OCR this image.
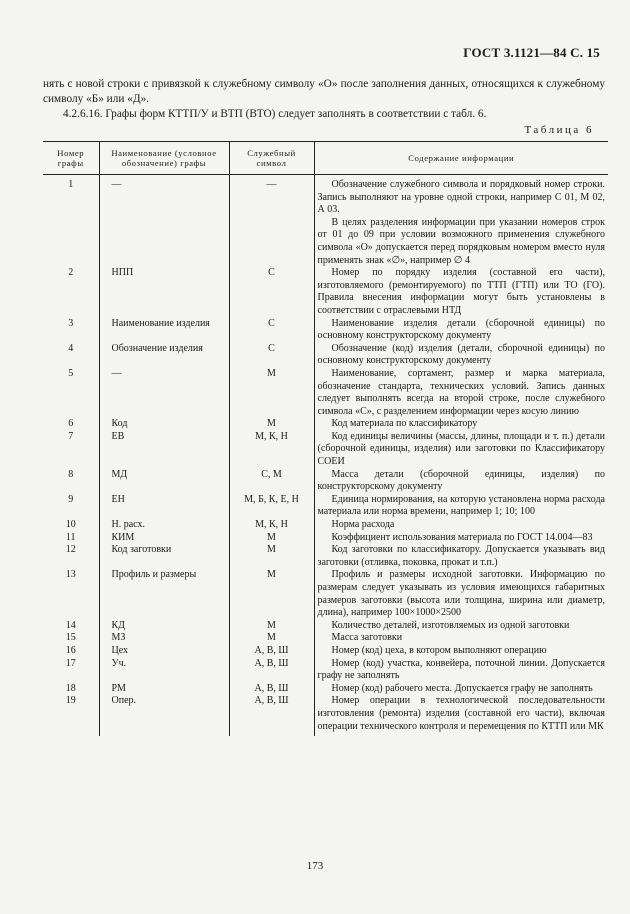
ГОСТ 3.1121—84 С. 15

нять с новой строки с привязкой к служебному символу «О» после заполнения данных, относящихся к служебному символу «Б» или «Д».

4.2.6.16. Графы форм КТТП/У и ВТП (ВТО) следует заполнять в соответствии с табл. 6.

Таблица 6
Номер графы	Наименование (условное обозначение) графы	Служебный символ	Содержание информации
1	—	—	Обозначение служебного символа и порядковый номер строки. Запись выполняют на уровне одной строки, например С 01, М 02, А 03.
В целях разделения информации при указании номеров строк от 01 до 09 при условии возможного применения служебного символа «О» допускается перед порядковым номером вместо нуля применять знак «∅», например ∅ 4

2	НПП	С	Номер по порядку изделия (составной его части), изготовляемого (ремонтируемого) по ТТП (ГТП) или ТО (ГО). Правила внесения информации могут быть установлены в соответствии с отраслевыми НТД

3	Наименование изделия	С	Наименование изделия детали (сборочной единицы) по основному конструкторскому документу

4	Обозначение изделия	С	Обозначение (код) изделия (детали, сборочной единицы) по основному конструкторскому документу

5	—	М	Наименование, сортамент, размер и марка материала, обозначение стандарта, технических условий. Запись данных следует выполнять всегда на второй строке, после служебного символа «С», с разделением информации через косую линию

6	Код	М	Код материала по классификатору

7	ЕВ	М, К, Н	Код единицы величины (массы, длины, площади и т. п.) детали (сборочной единицы, изделия) или заготовки по Классификатору СОЕИ

8	МД	С, М	Масса детали (сборочной единицы, изделия) по конструкторскому документу

9	ЕН	М, Б, К, Е, Н	Единица нормирования, на которую установлена норма расхода материала или норма времени, например 1; 10; 100

10	Н. расх.	М, К, Н	Норма расхода

11	КИМ	М	Коэффициент использования материала по ГОСТ 14.004—83

12	Код заготовки	М	Код заготовки по классификатору. Допускается указывать вид заготовки (отливка, поковка, прокат и т.п.)

13	Профиль и размеры	М	Профиль и размеры исходной заготовки. Информацию по размерам следует указывать из условия имеющихся габаритных размеров заготовки (высота или толщина, ширина или диаметр, длина), например 100×1000×2500

14	КД	М	Количество деталей, изготовляемых из одной заготовки

15	МЗ	М	Масса заготовки

16	Цех	А, В, Ш	Номер (код) цеха, в котором выполняют операцию

17	Уч.	А, В, Ш	Номер (код) участка, конвейера, поточной линии. Допускается графу не заполнять

18	РМ	А, В, Ш	Номер (код) рабочего места. Допускается графу не заполнять

19	Опер.	А, В, Ш	Номер операции в технологической последовательности изготовления (ремонта) изделия (составной его части), включая операции технического контроля и перемещения по КТТП или МК
173
